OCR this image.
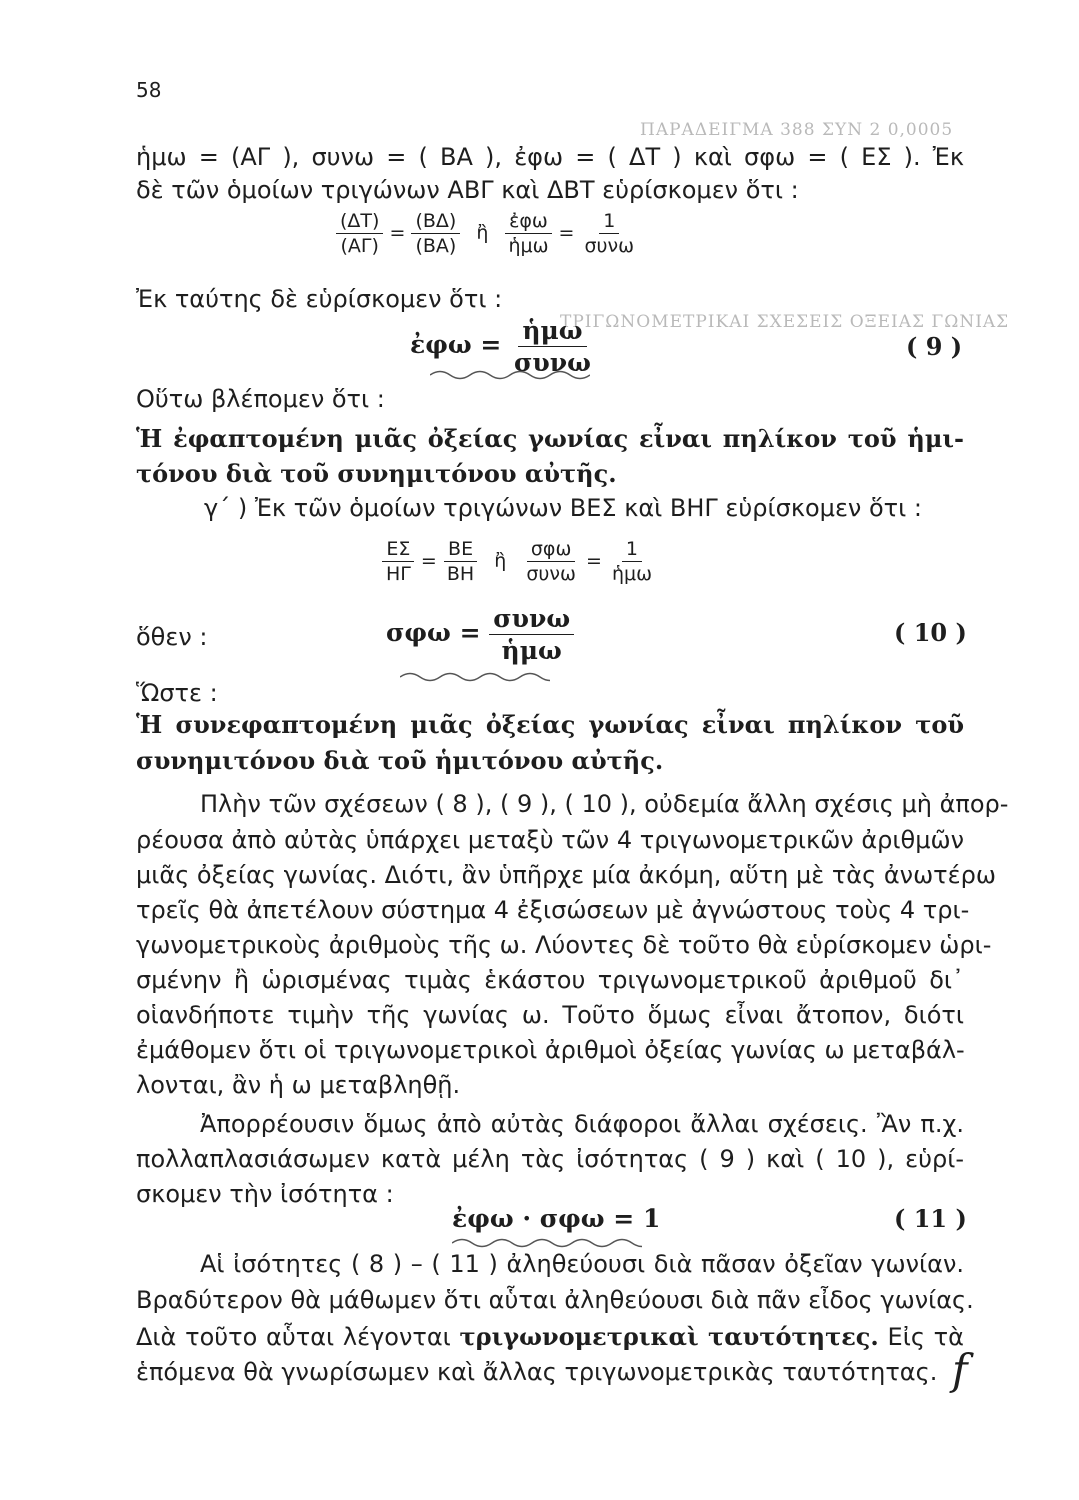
ΠΑΡΑΔΕΙΓΜΑ 388 ΣΥΝ 2 0,0005
ΤΡΙΓΩΝΟΜΕΤΡΙΚΑΙ ΣΧΕΣΕΙΣ ΟΞΕΙΑΣ ΓΩΝΙΑΣ
58
ἡμω = (ΑΓ ), συνω = ( ΒΑ ), ἐφω = ( ΔΤ ) καὶ σφω = ( ΕΣ ). Ἐκ
δὲ τῶν ὁμοίων τριγώνων ΑΒΓ καὶ ΔΒΤ εὑρίσκομεν ὅτι :
$\frac{(\Delta T)}{(A\Gamma)} = \frac{(B\Delta)}{(BA)}$ ἢ $\frac{\text{ἐφω}}{\text{ἡμω}} = \frac{1}{\text{συνω}}$
Ἐκ ταύτης δὲ εὑρίσκομεν ὅτι :
ἐφω = $\frac{\text{ἡμω}}{\text{συνω}}$	( 9 )
Οὕτω βλέπομεν ὅτι :
Ἡ ἐφαπτομένη μιᾶς ὀξείας γωνίας εἶναι πηλίκον τοῦ ἡμι-
τόνου διὰ τοῦ συνημιτόνου αὐτῆς.
γ΄ ) Ἐκ τῶν ὁμοίων τριγώνων ΒΕΣ καὶ ΒΗΓ εὑρίσκομεν ὅτι :
$\frac{E\Sigma}{H\Gamma} = \frac{BE}{BH}$ ἢ $\frac{\text{σφω}}{\text{συνω}} = \frac{1}{\text{ἡμω}}$
ὅθεν :	$\sigma\varphi\omega = \frac{\text{συνω}}{\text{ἡμω}}$	( 10 )
Ὥστε :
Ἡ συνεφαπτομένη μιᾶς ὀξείας γωνίας εἶναι πηλίκον τοῦ
συνημιτόνου διὰ τοῦ ἡμιτόνου αὐτῆς.
Πλὴν τῶν σχέσεων ( 8 ), ( 9 ), ( 10 ), οὐδεμία ἄλλη σχέσις μὴ ἀπορ-
ρέουσα ἀπὸ αὐτὰς ὑπάρχει μεταξὺ τῶν 4 τριγωνομετρικῶν ἀριθμῶν
μιᾶς ὀξείας γωνίας. Διότι, ἂν ὑπῆρχε μία ἀκόμη, αὕτη μὲ τὰς ἀνωτέρω
τρεῖς θὰ ἀπετέλουν σύστημα 4 ἐξισώσεων μὲ ἀγνώστους τοὺς 4 τρι-
γωνομετρικοὺς ἀριθμοὺς τῆς ω. Λύοντες δὲ τοῦτο θὰ εὑρίσκομεν ὡρι-
σμένην ἢ ὡρισμένας τιμὰς ἑκάστου τριγωνομετρικοῦ ἀριθμοῦ δι᾽
οἱανδήποτε τιμὴν τῆς γωνίας ω. Τοῦτο ὅμως εἶναι ἄτοπον, διότι
ἐμάθομεν ὅτι οἱ τριγωνομετρικοὶ ἀριθμοὶ ὀξείας γωνίας ω μεταβάλ-
λονται, ἂν ἡ ω μεταβληθῇ.
Ἀπορρέουσιν ὅμως ἀπὸ αὐτὰς διάφοροι ἄλλαι σχέσεις. Ἂν π.χ.
πολλαπλασιάσωμεν κατὰ μέλη τὰς ἰσότητας ( 9 ) καὶ ( 10 ), εὑρί-
σκομεν τὴν ἰσότητα :
ἐφω · σφω = 1	( 11 )
Αἱ ἰσότητες ( 8 ) – ( 11 ) ἀληθεύουσι διὰ πᾶσαν ὀξεῖαν γωνίαν.
Βραδύτερον θὰ μάθωμεν ὅτι αὗται ἀληθεύουσι διὰ πᾶν εἶδος γωνίας.
Διὰ τοῦτο αὗται λέγονται τριγωνομετρικαὶ ταυτότητες. Εἰς τὰ
ἑπόμενα θὰ γνωρίσωμεν καὶ ἄλλας τριγωνομετρικὰς ταυτότητας. f
